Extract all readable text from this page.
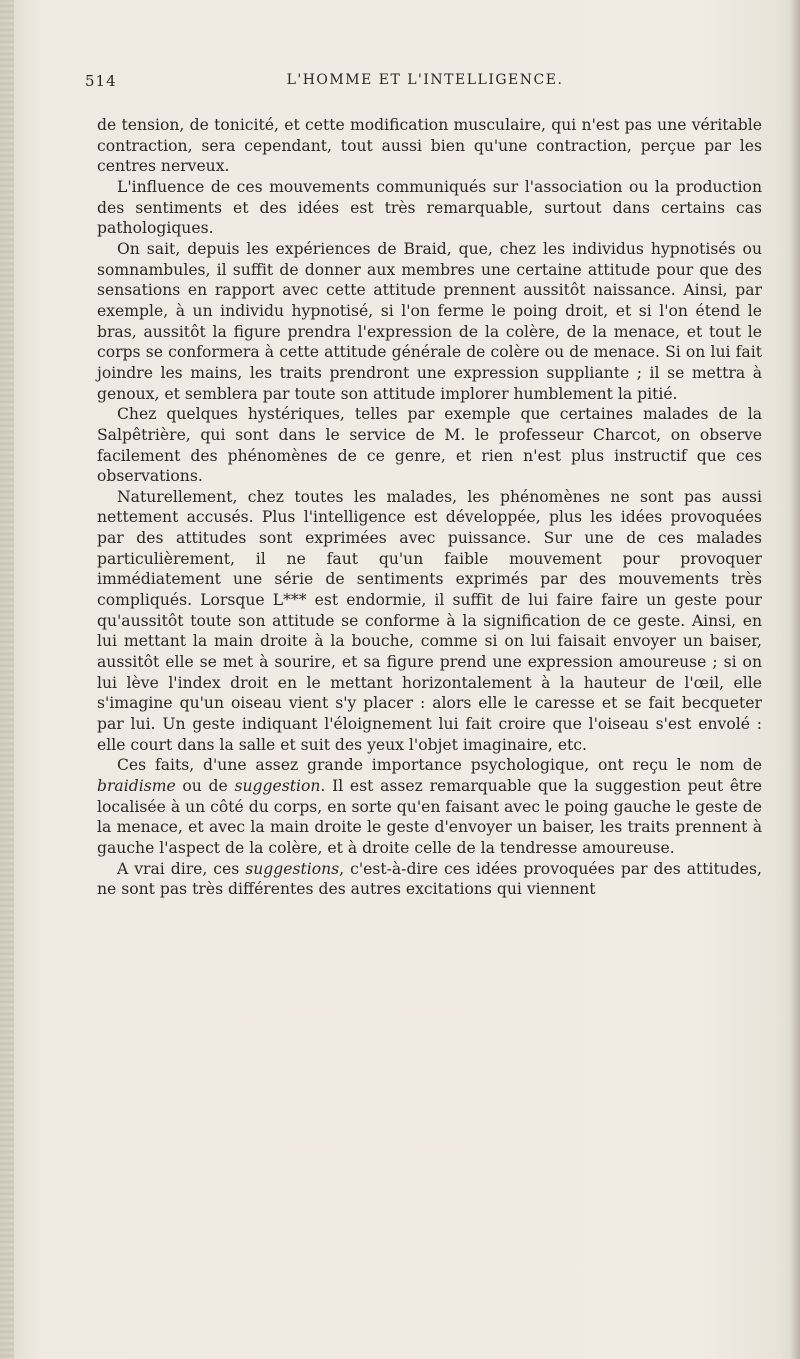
L'HOMME ET L'INTELLIGENCE.
514

de tension, de tonicité, et cette modification musculaire, qui n'est pas une véritable contraction, sera cependant, tout aussi bien qu'une contraction, perçue par les centres nerveux.

L'influence de ces mouvements communiqués sur l'association ou la production des sentiments et des idées est très remarquable, surtout dans certains cas pathologiques.

On sait, depuis les expériences de Braid, que, chez les individus hypnotisés ou somnambules, il suffit de donner aux membres une certaine attitude pour que des sensations en rapport avec cette attitude prennent aussitôt naissance. Ainsi, par exemple, à un individu hypnotisé, si l'on ferme le poing droit, et si l'on étend le bras, aussitôt la figure prendra l'expression de la colère, de la menace, et tout le corps se conformera à cette attitude générale de colère ou de menace. Si on lui fait joindre les mains, les traits prendront une expression suppliante ; il se mettra à genoux, et semblera par toute son attitude implorer humblement la pitié.

Chez quelques hystériques, telles par exemple que certaines malades de la Salpêtrière, qui sont dans le service de M. le professeur Charcot, on observe facilement des phénomènes de ce genre, et rien n'est plus instructif que ces observations.

Naturellement, chez toutes les malades, les phénomènes ne sont pas aussi nettement accusés. Plus l'intelligence est développée, plus les idées provoquées par des attitudes sont exprimées avec puissance. Sur une de ces malades particulièrement, il ne faut qu'un faible mouvement pour provoquer immédiatement une série de sentiments exprimés par des mouvements très compliqués. Lorsque L*** est endormie, il suffit de lui faire faire un geste pour qu'aussitôt toute son attitude se conforme à la signification de ce geste. Ainsi, en lui mettant la main droite à la bouche, comme si on lui faisait envoyer un baiser, aussitôt elle se met à sourire, et sa figure prend une expression amoureuse ; si on lui lève l'index droit en le mettant horizontalement à la hauteur de l'œil, elle s'imagine qu'un oiseau vient s'y placer : alors elle le caresse et se fait becqueter par lui. Un geste indiquant l'éloignement lui fait croire que l'oiseau s'est envolé : elle court dans la salle et suit des yeux l'objet imaginaire, etc.

Ces faits, d'une assez grande importance psychologique, ont reçu le nom de braidisme ou de suggestion. Il est assez remarquable que la suggestion peut être localisée à un côté du corps, en sorte qu'en faisant avec le poing gauche le geste de la menace, et avec la main droite le geste d'envoyer un baiser, les traits prennent à gauche l'aspect de la colère, et à droite celle de la tendresse amoureuse.

A vrai dire, ces suggestions, c'est-à-dire ces idées provoquées par des attitudes, ne sont pas très différentes des autres excitations qui viennent
